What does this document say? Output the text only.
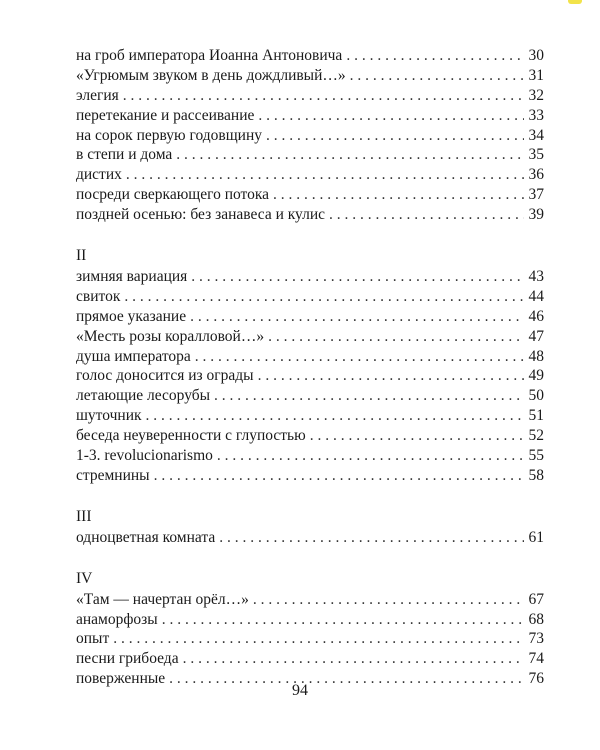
на гроб императора Иоанна Антоновича . . .	30
«Угрюмым звуком в день дождливый…» . . .	31
элегия . . .	32
перетекание и рассеивание . . .	33
на сорок первую годовщину . . .	34
в степи и дома . . .	35
дистих . . .	36
посреди сверкающего потока . . .	37
поздней осенью: без занавеса и кулис . . .	39
II
зимняя вариация . . .	43
свиток . . .	44
прямое указание . . .	46
«Месть розы коралловой…» . . .	47
душа императора . . .	48
голос доносится из ограды . . .	49
летающие лесорубы . . .	50
шуточник . . .	51
беседа неуверенности с глупостью . . .	52
1-3. revolucionarismo . . .	55
стремнины . . .	58
III
одноцветная комната . . .	61
IV
«Там — начертан орёл…» . . .	67
анаморфозы . . .	68
опыт . . .	73
песни грибоеда . . .	74
поверженные . . .	76
94
